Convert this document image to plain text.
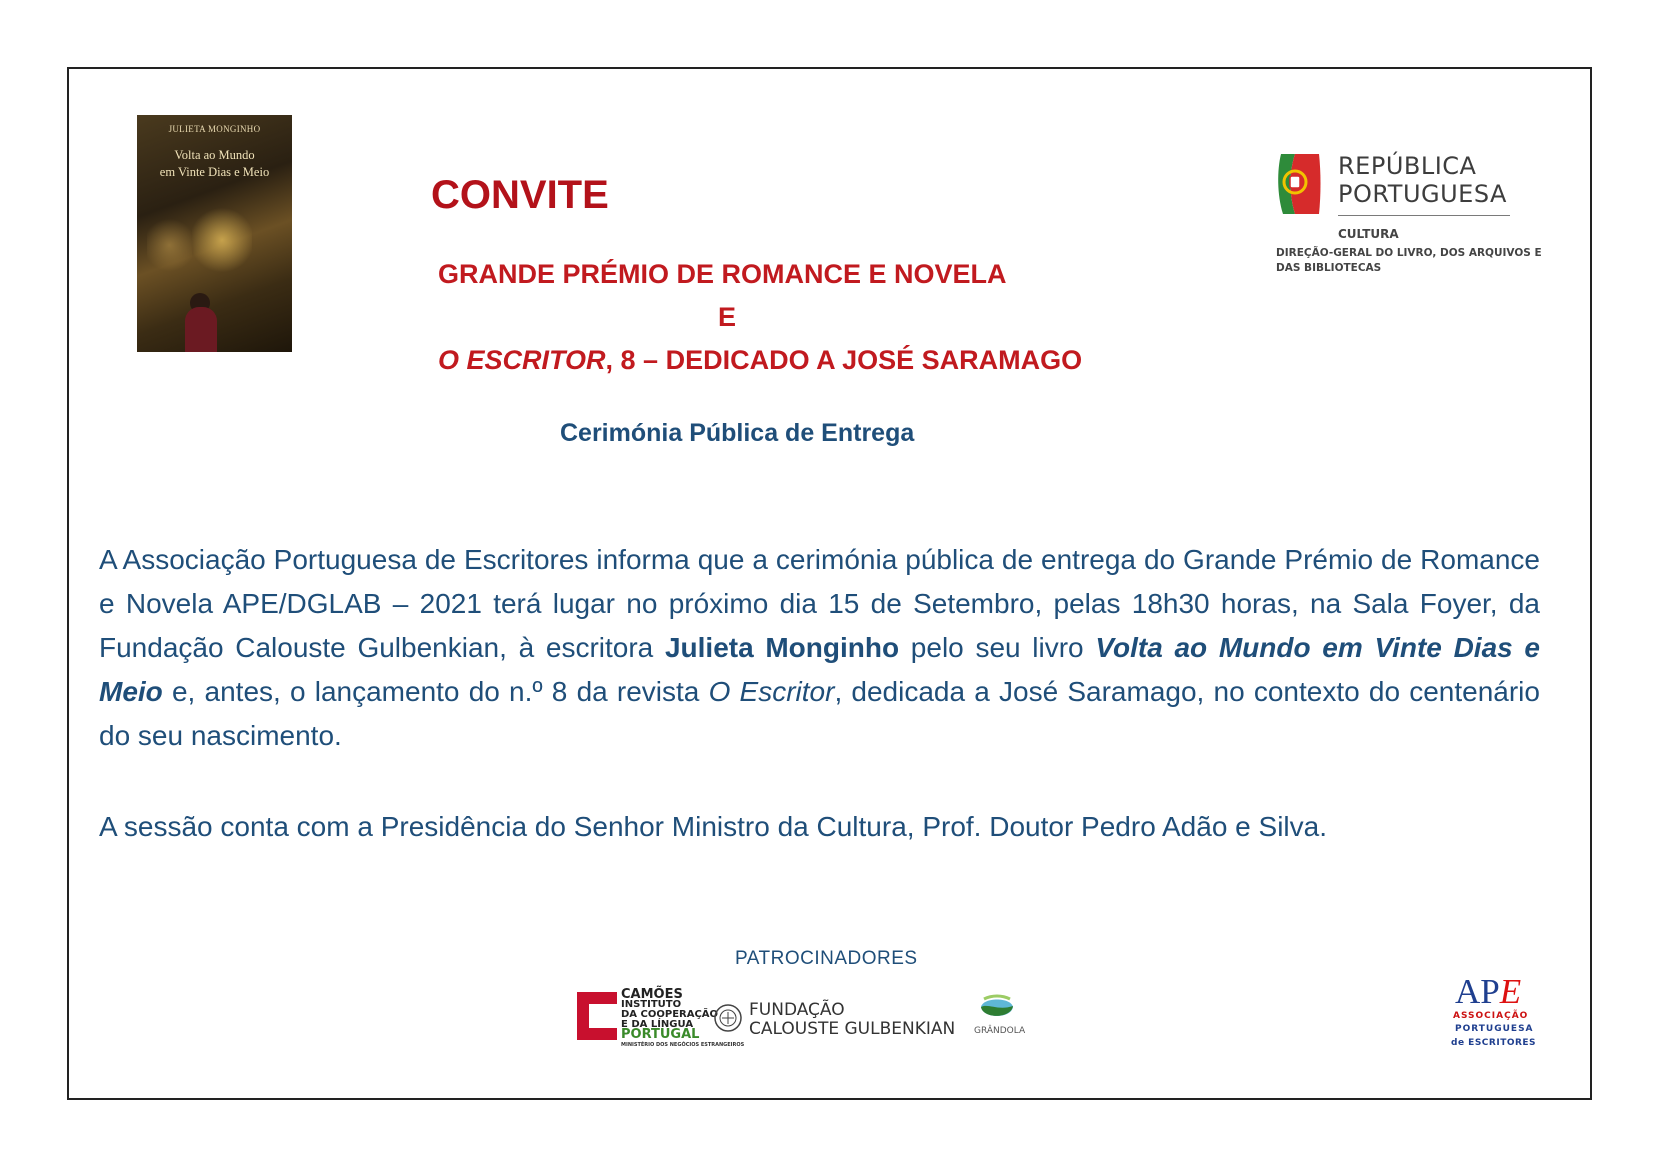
JULIETA MONGINHO
Volta ao Mundo
em Vinte Dias e Meio
CONVITE
GRANDE PRÉMIO DE ROMANCE E NOVELA
E
O ESCRITOR, 8 – DEDICADO A JOSÉ SARAMAGO
Cerimónia Pública de Entrega
REPÚBLICA
PORTUGUESA
CULTURA
DIREÇÃO-GERAL DO LIVRO, DOS ARQUIVOS E
DAS BIBLIOTECAS
A Associação Portuguesa de Escritores informa que a cerimónia pública de entrega do Grande Prémio de Romance e Novela APE/DGLAB – 2021 terá lugar no próximo dia 15 de Setembro, pelas 18h30 horas, na Sala Foyer, da Fundação Calouste Gulbenkian, à escritora Julieta Monginho pelo seu livro Volta ao Mundo em Vinte Dias e Meio e, antes, o lançamento do n.º 8 da revista O Escritor, dedicada a José Saramago, no contexto do centenário do seu nascimento.
A sessão conta com a Presidência do Senhor Ministro da Cultura, Prof. Doutor Pedro Adão e Silva.
PATROCINADORES
CAMÕES
INSTITUTO
DA COOPERAÇÃO
E DA LÍNGUA
PORTUGAL
MINISTÉRIO DOS NEGÓCIOS ESTRANGEIROS
FUNDAÇÃO
CALOUSTE GULBENKIAN GRÂNDOLA
APE
ASSOCIAÇÃO
PORTUGUESA
de ESCRITORES
